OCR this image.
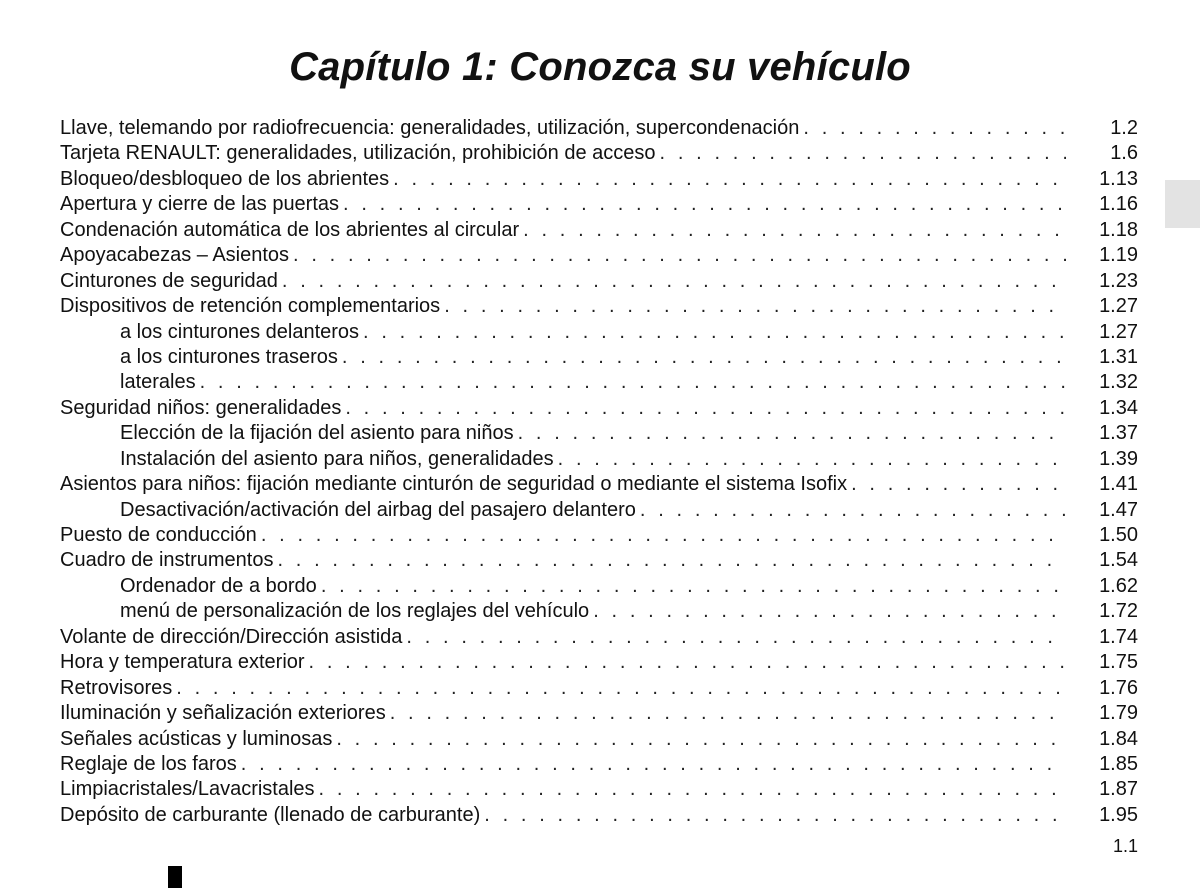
Capítulo 1: Conozca su vehículo
Llave, telemando por radiofrecuencia: generalidades, utilización, supercondenación . . .	1.2
Tarjeta RENAULT: generalidades, utilización, prohibición de acceso . . .	1.6
Bloqueo/desbloqueo de los abrientes . . .	1.13
Apertura y cierre de las puertas . . .	1.16
Condenación automática de los abrientes al circular . . .	1.18
Apoyacabezas – Asientos . . .	1.19
Cinturones de seguridad . . .	1.23
Dispositivos de retención complementarios . . .	1.27
a los cinturones delanteros . . .	1.27
a los cinturones traseros . . .	1.31
laterales . . .	1.32
Seguridad niños: generalidades . . .	1.34
Elección de la fijación del asiento para niños . . .	1.37
Instalación del asiento para niños, generalidades . . .	1.39
Asientos para niños: fijación mediante cinturón de seguridad o mediante el sistema Isofix . . .	1.41
Desactivación/activación del airbag del pasajero delantero . . .	1.47
Puesto de conducción . . .	1.50
Cuadro de instrumentos . . .	1.54
Ordenador de a bordo . . .	1.62
menú de personalización de los reglajes del vehículo . . .	1.72
Volante de dirección/Dirección asistida . . .	1.74
Hora y temperatura exterior . . .	1.75
Retrovisores . . .	1.76
Iluminación y señalización exteriores . . .	1.79
Señales acústicas y luminosas . . .	1.84
Reglaje de los faros . . .	1.85
Limpiacristales/Lavacristales . . .	1.87
Depósito de carburante (llenado de carburante) . . .	1.95
1.1
